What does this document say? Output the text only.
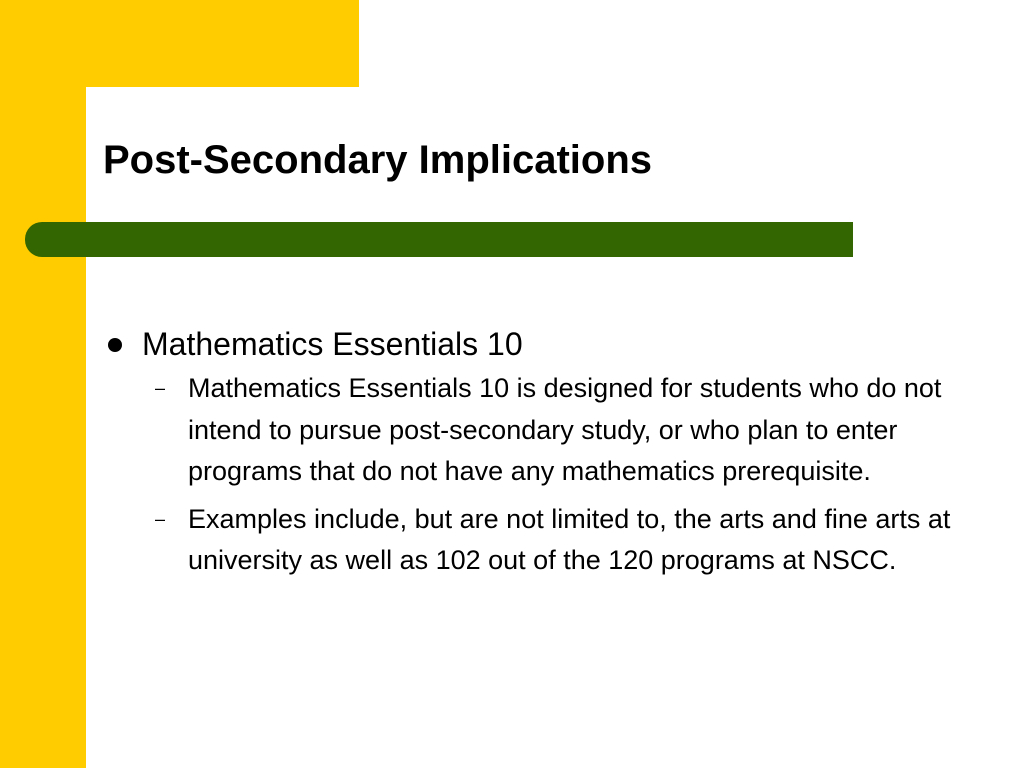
Post-Secondary Implications
Mathematics Essentials 10
– Mathematics Essentials 10 is designed for students who do not intend to pursue post-secondary study, or who plan to enter programs that do not have any mathematics prerequisite.
– Examples include, but are not limited to, the arts and fine arts at university as well as 102 out of the 120 programs at NSCC.
